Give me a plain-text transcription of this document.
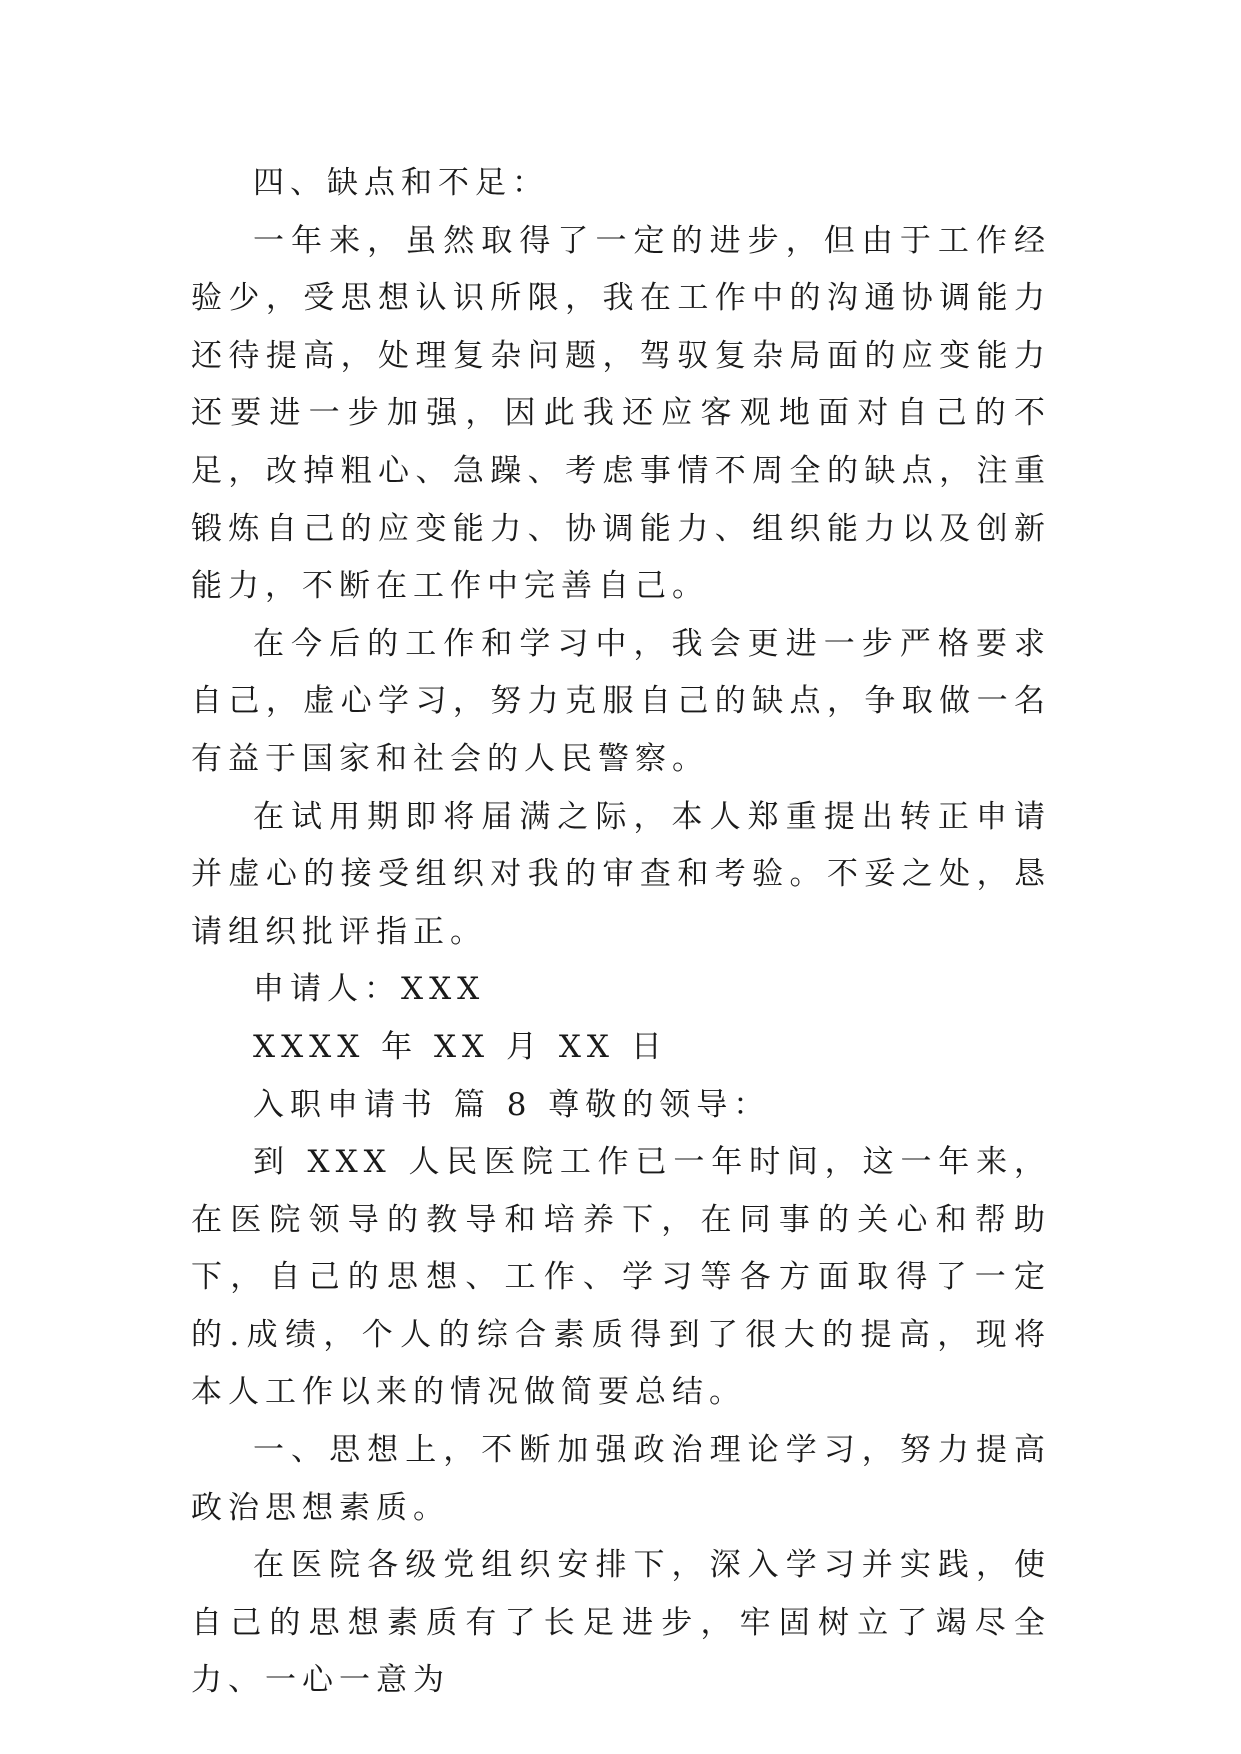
四、缺点和不足：

一年来，虽然取得了一定的进步，但由于工作经验少，受思想认识所限，我在工作中的沟通协调能力还待提高，处理复杂问题，驾驭复杂局面的应变能力还要进一步加强，因此我还应客观地面对自己的不足，改掉粗心、急躁、考虑事情不周全的缺点，注重锻炼自己的应变能力、协调能力、组织能力以及创新能力，不断在工作中完善自己。

在今后的工作和学习中，我会更进一步严格要求自己，虚心学习，努力克服自己的缺点，争取做一名有益于国家和社会的人民警察。

在试用期即将届满之际，本人郑重提出转正申请并虚心的接受组织对我的审查和考验。不妥之处，恳请组织批评指正。

申请人：XXX

XXXX 年 XX 月 XX 日

入职申请书 篇 8 尊敬的领导：

到 XXX 人民医院工作已一年时间，这一年来，在医院领导的教导和培养下，在同事的关心和帮助下，自己的思想、工作、学习等各方面取得了一定的.成绩，个人的综合素质得到了很大的提高，现将本人工作以来的情况做简要总结。

一、思想上，不断加强政治理论学习，努力提高政治思想素质。

在医院各级党组织安排下，深入学习并实践，使自己的思想素质有了长足进步，牢固树立了竭尽全力、一心一意为
